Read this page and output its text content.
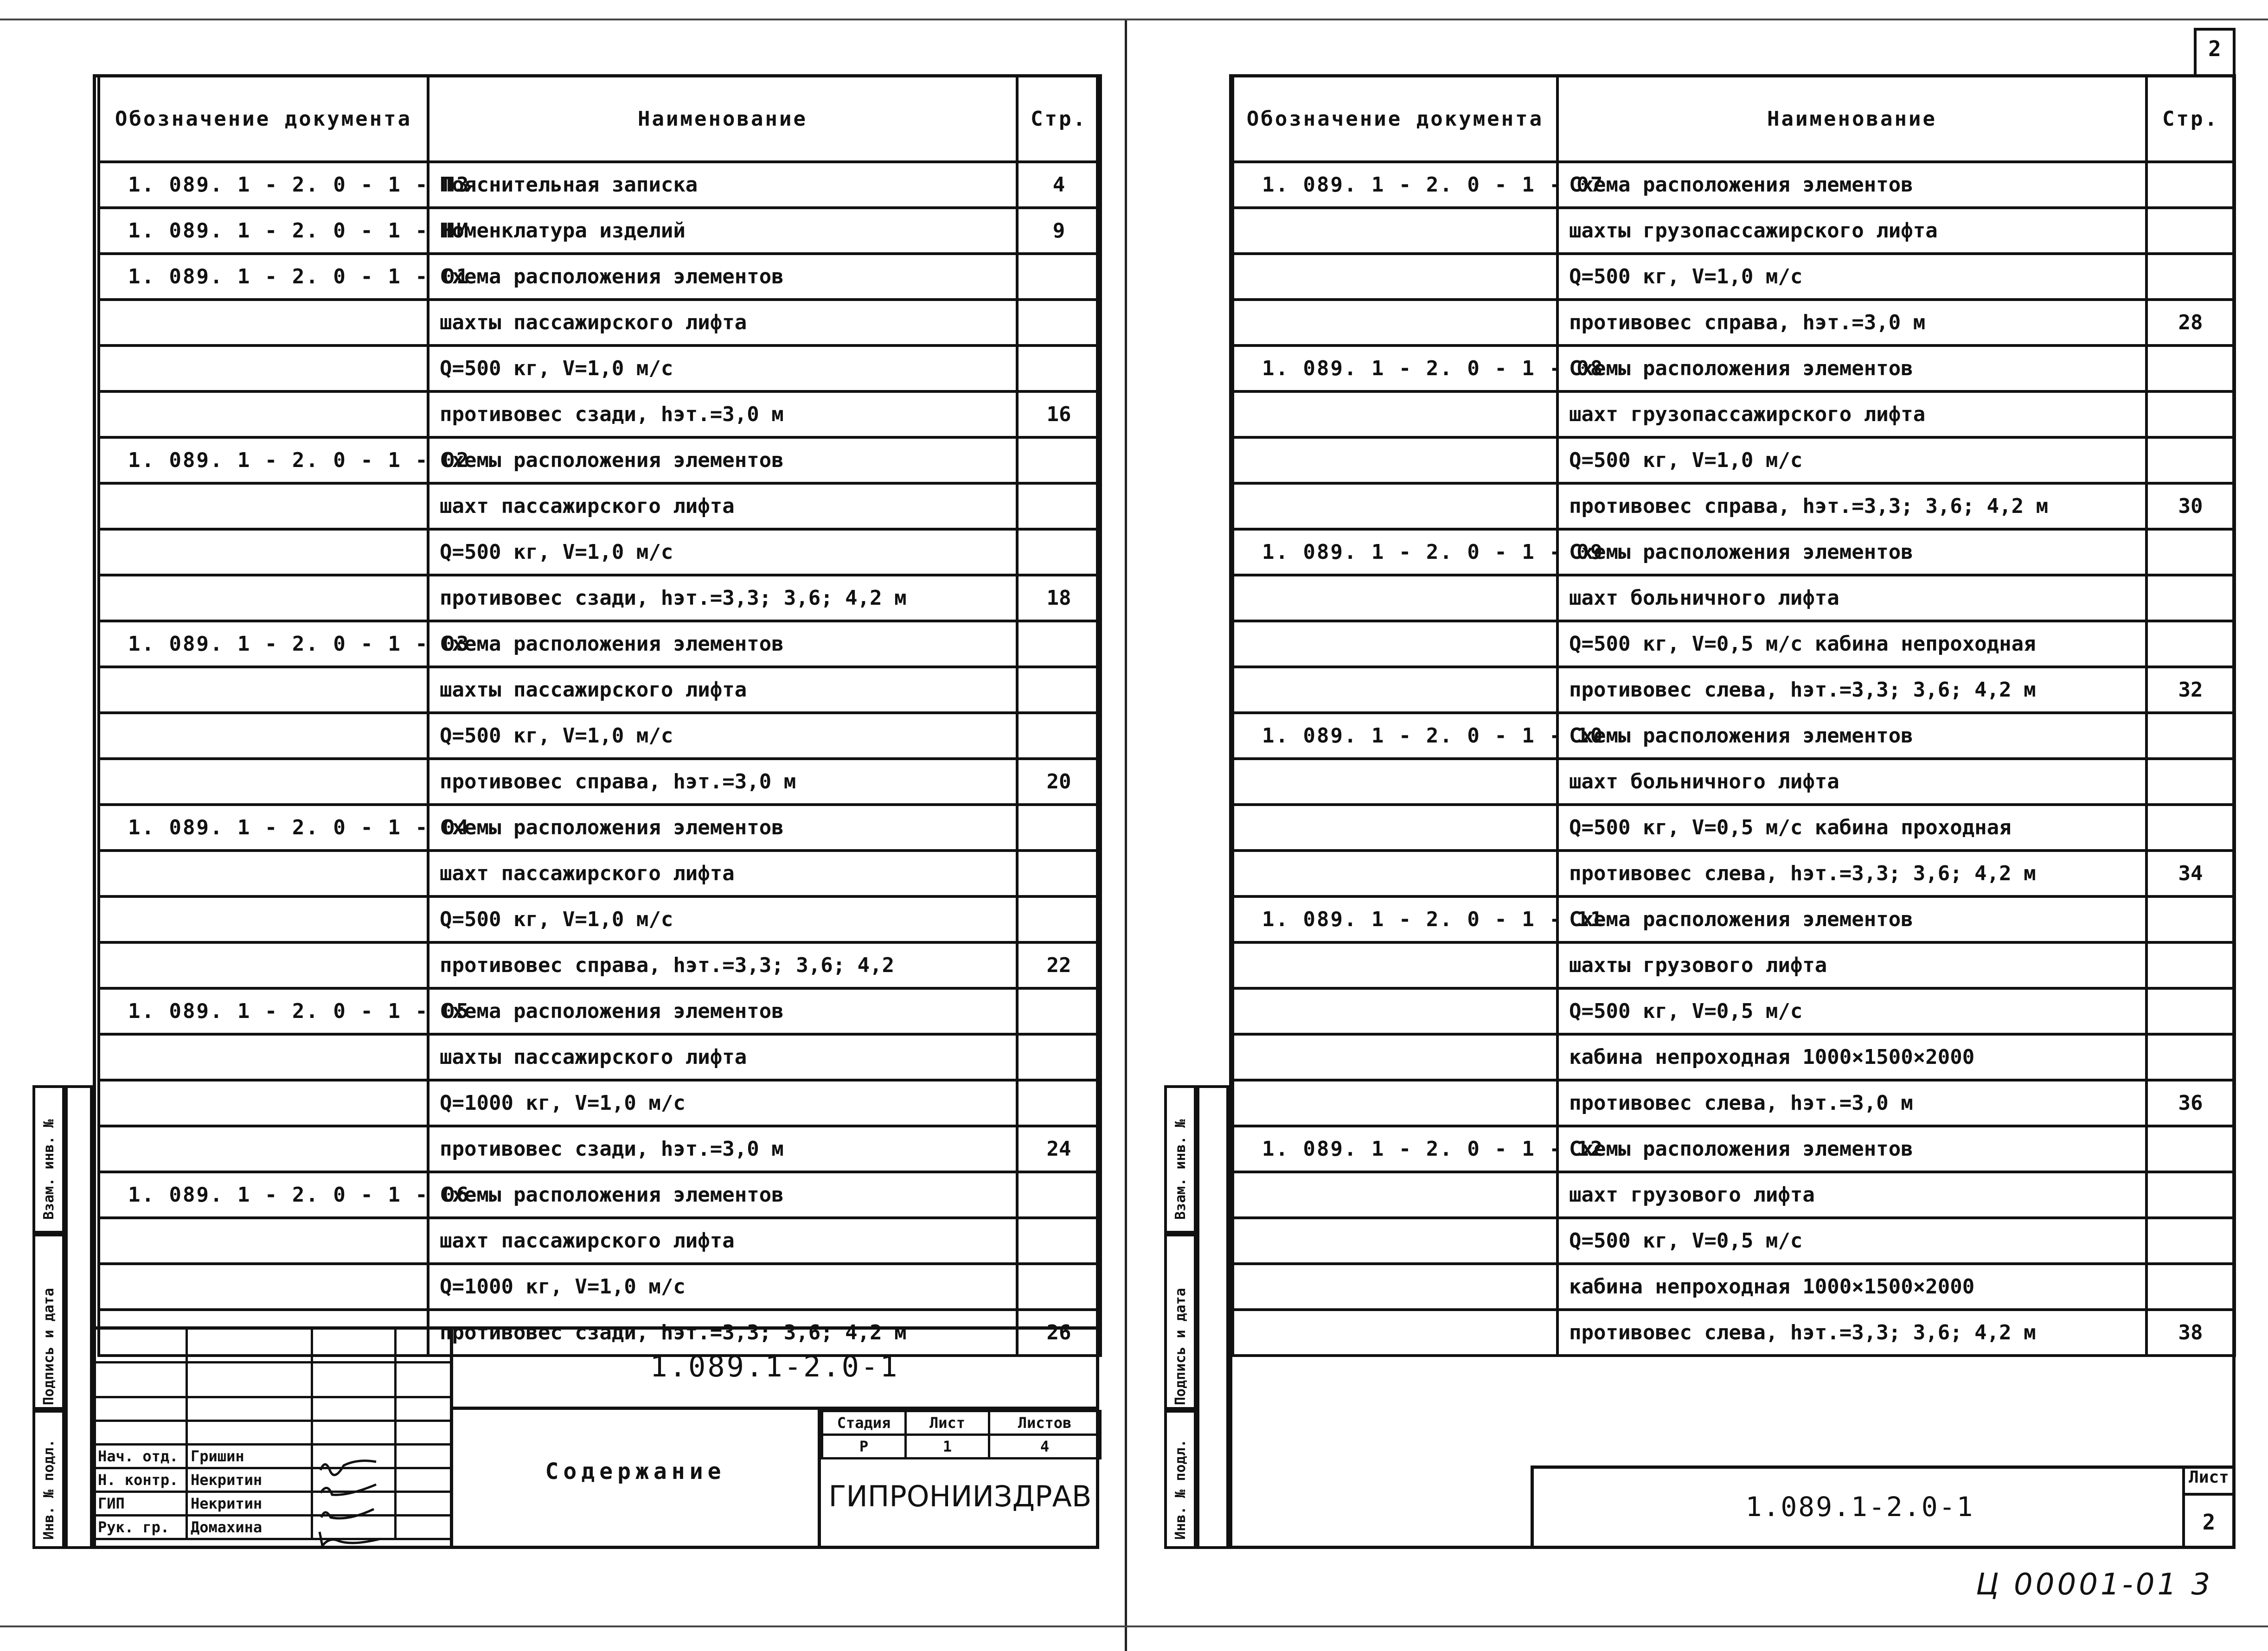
Обозначение документа	Наименование	Стр.
1. 089. 1 - 2. 0 - 1 - ПЗ	Пояснительная записка	4
1. 089. 1 - 2. 0 - 1 - НИ	Номенклатура изделий	9
1. 089. 1 - 2. 0 - 1 - 01	Схема расположения элементов	
	шахты пассажирского лифта	
	Q=500 кг, V=1,0 м/с	
	противовес сзади, hэт.=3,0 м	16
1. 089. 1 - 2. 0 - 1 - 02	Схемы расположения элементов	
	шахт пассажирского лифта	
	Q=500 кг, V=1,0 м/с	
	противовес сзади, hэт.=3,3; 3,6; 4,2 м	18
1. 089. 1 - 2. 0 - 1 - 03	Схема расположения элементов	
	шахты пассажирского лифта	
	Q=500 кг, V=1,0 м/с	
	противовес справа, hэт.=3,0 м	20
1. 089. 1 - 2. 0 - 1 - 04	Схемы расположения элементов	
	шахт пассажирского лифта	
	Q=500 кг, V=1,0 м/с	
	противовес справа, hэт.=3,3; 3,6; 4,2	22
1. 089. 1 - 2. 0 - 1 - 05	Схема расположения элементов	
	шахты пассажирского лифта	
	Q=1000 кг, V=1,0 м/с	
	противовес сзади, hэт.=3,0 м	24
1. 089. 1 - 2. 0 - 1 - 06	Схемы расположения элементов	
	шахт пассажирского лифта	
	Q=1000 кг, V=1,0 м/с	
	противовес сзади, hэт.=3,3; 3,6; 4,2 м	26

Нач. отд.	Гришин	

Н. контр.	Некритин	

ГИП	Некритин	

Рук. гр.	Домахина	

1.089.1-2.0-1
Содержание
Стадия	Лист	Листов
Р	1	4
ГИПРОНИИЗДРАВ
Взам. инв. №
Подпись и дата
Инв. № подл.
2
Обозначение документа	Наименование	Стр.
1. 089. 1 - 2. 0 - 1 - 07	Схема расположения элементов	
	шахты грузопассажирского лифта	
	Q=500 кг, V=1,0 м/с	
	противовес справа, hэт.=3,0 м	28
1. 089. 1 - 2. 0 - 1 - 08	Схемы расположения элементов	
	шахт грузопассажирского лифта	
	Q=500 кг, V=1,0 м/с	
	противовес справа, hэт.=3,3; 3,6; 4,2 м	30
1. 089. 1 - 2. 0 - 1 - 09	Схемы расположения элементов	
	шахт больничного лифта	
	Q=500 кг, V=0,5 м/с кабина непроходная	
	противовес слева, hэт.=3,3; 3,6; 4,2 м	32
1. 089. 1 - 2. 0 - 1 - 10	Схемы расположения элементов	
	шахт больничного лифта	
	Q=500 кг, V=0,5 м/с кабина проходная	
	противовес слева, hэт.=3,3; 3,6; 4,2 м	34
1. 089. 1 - 2. 0 - 1 - 11	Схема расположения элементов	
	шахты грузового лифта	
	Q=500 кг, V=0,5 м/с	
	кабина непроходная 1000×1500×2000	
	противовес слева, hэт.=3,0 м	36
1. 089. 1 - 2. 0 - 1 - 12	Схемы расположения элементов	
	шахт грузового лифта	
	Q=500 кг, V=0,5 м/с	
	кабина непроходная 1000×1500×2000	
	противовес слева, hэт.=3,3; 3,6; 4,2 м	38
1.089.1-2.0-1
Лист
2
Взам. инв. №
Подпись и дата
Инв. № подл.
Ц 00001-01 3
